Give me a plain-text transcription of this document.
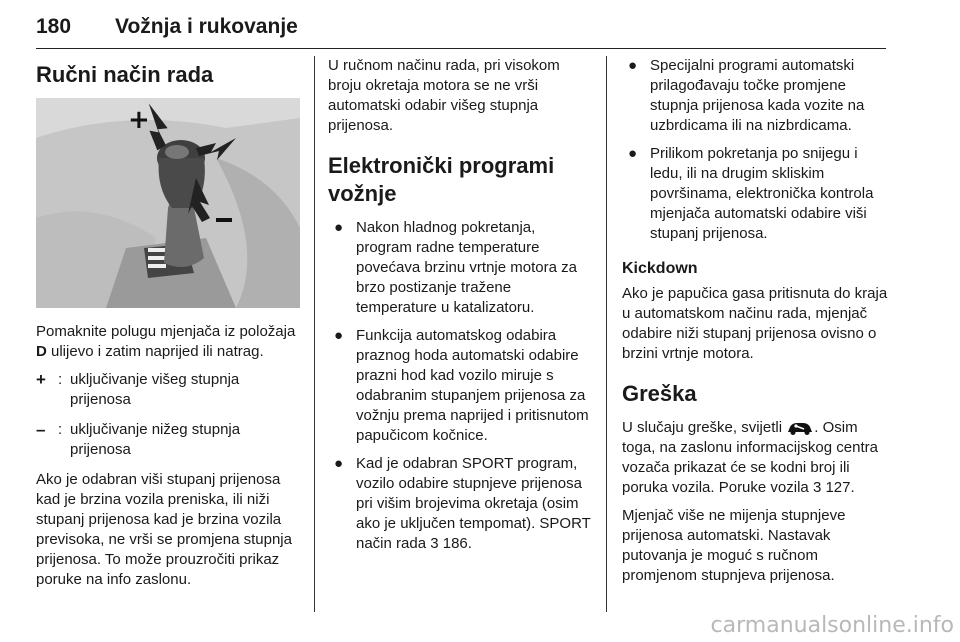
180 Vožnja i rukovanje
Ručni način rada
+

Pomaknite polugu mjenjača iz položaja D ulijevo i zatim naprijed ili natrag.

+ : uključivanje višeg stupnja prijenosa
– : uključivanje nižeg stupnja prijenosa

Ako je odabran viši stupanj prijenosa kad je brzina vozila preniska, ili niži stupanj prijenosa kad je brzina vozila previsoka, ne vrši se promjena stupnja prijenosa. To može prouzročiti prikaz poruke na info zaslonu.

U ručnom načinu rada, pri visokom broju okretaja motora se ne vrši automatski odabir višeg stupnja prijenosa.

Elektronički programi vožnje
● Nakon hladnog pokretanja, program radne temperature povećava brzinu vrtnje motora za brzo postizanje tražene temperature u katalizatoru.
● Funkcija automatskog odabira praznog hoda automatski odabire prazni hod kad vozilo miruje s odabranim stupanjem prijenosa za vožnju prema naprijed i pritisnutom papučicom kočnice.
● Kad je odabran SPORT program, vozilo odabire stupnjeve prijenosa pri višim brojevima okretaja (osim ako je uključen tempomat). SPORT način rada 3 186.
● Specijalni programi automatski prilagođavaju točke promjene stupnja prijenosa kada vozite na uzbrdicama ili na nizbrdicama.
● Prilikom pokretanja po snijegu i ledu, ili na drugim skliskim površinama, elektronička kontrola mjenjača automatski odabire viši stupanj prijenosa.
Kickdown

Ako je papučica gasa pritisnuta do kraja u automatskom načinu rada, mjenjač odabire niži stupanj prijenosa ovisno o brzini vrtnje motora.

Greška

U slučaju greške, svijetli . Osim toga, na zaslonu informacijskog centra vozača prikazat će se kodni broj ili poruka vozila. Poruke vozila 3 127.

Mjenjač više ne mijenja stupnjeve prijenosa automatski. Nastavak putovanja je moguć s ručnom promjenom stupnjeva prijenosa.

carmanualsonline.info
